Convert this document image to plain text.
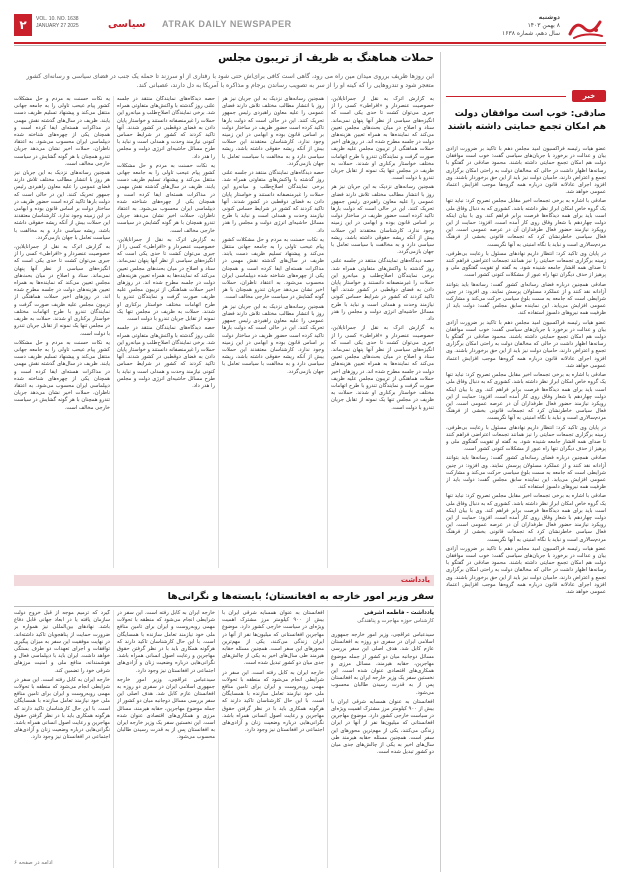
۲	VOL. 10. NO. 1638
JANUARY 27 2025	سیاسی ATRAK DAILY NEWSPAPER
دوشنبه
۸ بهمن ۱۴۰۳
سال دهم، شماره ۱۶۳۸
حملات هماهنگ به ظریف از تریبون مجلس
این روزها ظریف برروی میدان مین راه می رود، گاهی است کافی برای‌اش حتی شود با رفتاری از او سرزند تا حمله یک جنب در فضای سیاسی و رسانه‌ای کشور متعجر شود و تندروهایی را که کینه او را از سر به تصویب رساندن برجام و مذاکره با آمریکا به دل دارند، عصبانی کند.

به گزارش اترک به نقل از جمرانایلاین، خصوصیت عنصردار و «افراطی» کسی را از جبری می‌توان کشت تا حدی یکی است که انگیزه‌های سیاسی از نظر آنها پنهان نمی‌ماند. سناد و اصلاح در میان بحث‌های مجلس تعیین می‌کند که نماینده‌ها به همراه تعیین هزینه‌های دولت در جلسه مطرح شده اند. در روزهای اخیر حملات هماهنگی از تریبون مجلس علیه ظریف صورت گرفت و نمایندگان تندرو با طرح اتهامات مختلف خواستار برکناری او شدند. حملات به ظریف در مجلس تنها یک نمونه از تقابل جریان تندرو با دولت است.

همچنین رسانه‌های نزدیک به این جریان نیز هر روز با انتشار مطالب مختلف تلاش دارند فضای عمومی را علیه معاون راهبردی رئیس جمهور تحریک کنند. این در حالی است که دولت بارها تاکید کرده است حضور ظریف در ساختار دولت بر اساس قانون بوده و ابهامی در این زمینه وجود ندارد. کارشناسان معتقدند این حملات بیش از آنکه ریشه حقوقی داشته باشد، ریشه سیاسی دارد و به مخالفت با سیاست تعامل با جهان بازمی‌گردد.

حصه دیدگاه‌های نمایندگان منتقد در جلسه علنی روز گذشته با واکنش‌های متفاوتی همراه شد. برخی نمایندگان اصلاح‌طلب و میانه‌رو این حملات را غیرمنصفانه دانستند و خواستار پایان دادن به فضای دوقطبی در کشور شدند. آنها تاکید کردند که کشور در شرایط حساس کنونی نیازمند وحدت و همدلی است و نباید با طرح مسائل حاشیه‌ای انرژی دولت و مجلس را هدر داد.

به گزارش اترک به نقل از جمرانایلاین، خصوصیت عنصردار و «افراطی» کسی را از جبری می‌توان کشت تا حدی یکی است که انگیزه‌های سیاسی از نظر آنها پنهان نمی‌ماند. سناد و اصلاح در میان بحث‌های مجلس تعیین می‌کند که نماینده‌ها به همراه تعیین هزینه‌های دولت در جلسه مطرح شده اند. در روزهای اخیر حملات هماهنگی از تریبون مجلس علیه ظریف صورت گرفت و نمایندگان تندرو با طرح اتهامات مختلف خواستار برکناری او شدند. حملات به ظریف در مجلس تنها یک نمونه از تقابل جریان تندرو با دولت است.

همچنین رسانه‌های نزدیک به این جریان نیز هر روز با انتشار مطالب مختلف تلاش دارند فضای عمومی را علیه معاون راهبردی رئیس جمهور تحریک کنند. این در حالی است که دولت بارها تاکید کرده است حضور ظریف در ساختار دولت بر اساس قانون بوده و ابهامی در این زمینه وجود ندارد. کارشناسان معتقدند این حملات بیش از آنکه ریشه حقوقی داشته باشد، ریشه سیاسی دارد و به مخالفت با سیاست تعامل با جهان بازمی‌گردد.

حصه دیدگاه‌های نمایندگان منتقد در جلسه علنی روز گذشته با واکنش‌های متفاوتی همراه شد. برخی نمایندگان اصلاح‌طلب و میانه‌رو این حملات را غیرمنصفانه دانستند و خواستار پایان دادن به فضای دوقطبی در کشور شدند. آنها تاکید کردند که کشور در شرایط حساس کنونی نیازمند وحدت و همدلی است و نباید با طرح مسائل حاشیه‌ای انرژی دولت و مجلس را هدر داد.

یه نکات حسنت به مردم و حل مشکلات کشور پیام عیحب تاولی را به جامعه جهانی منتقل می‌کند و پیشنهاد تسلیم ظریف دست یابند. ظریف در سال‌های گذشته نقش مهمی در مذاکرات هسته‌ای ایفا کرده است و همچنان یکی از چهره‌های شناخته شده دیپلماسی ایران محسوب می‌شود. به اعتقاد ناظران، حملات اخیر نشان می‌دهد جریان تندرو همچنان با هر گونه گشایش در سیاست خارجی مخالف است.

همچنین رسانه‌های نزدیک به این جریان نیز هر روز با انتشار مطالب مختلف تلاش دارند فضای عمومی را علیه معاون راهبردی رئیس جمهور تحریک کنند. این در حالی است که دولت بارها تاکید کرده است حضور ظریف در ساختار دولت بر اساس قانون بوده و ابهامی در این زمینه وجود ندارد. کارشناسان معتقدند این حملات بیش از آنکه ریشه حقوقی داشته باشد، ریشه سیاسی دارد و به مخالفت با سیاست تعامل با جهان بازمی‌گردد.

حصه دیدگاه‌های نمایندگان منتقد در جلسه علنی روز گذشته با واکنش‌های متفاوتی همراه شد. برخی نمایندگان اصلاح‌طلب و میانه‌رو این حملات را غیرمنصفانه دانستند و خواستار پایان دادن به فضای دوقطبی در کشور شدند. آنها تاکید کردند که کشور در شرایط حساس کنونی نیازمند وحدت و همدلی است و نباید با طرح مسائل حاشیه‌ای انرژی دولت و مجلس را هدر داد.

یه نکات حسنت به مردم و حل مشکلات کشور پیام عیحب تاولی را به جامعه جهانی منتقل می‌کند و پیشنهاد تسلیم ظریف دست یابند. ظریف در سال‌های گذشته نقش مهمی در مذاکرات هسته‌ای ایفا کرده است و همچنان یکی از چهره‌های شناخته شده دیپلماسی ایران محسوب می‌شود. به اعتقاد ناظران، حملات اخیر نشان می‌دهد جریان تندرو همچنان با هر گونه گشایش در سیاست خارجی مخالف است.

به گزارش اترک به نقل از جمرانایلاین، خصوصیت عنصردار و «افراطی» کسی را از جبری می‌توان کشت تا حدی یکی است که انگیزه‌های سیاسی از نظر آنها پنهان نمی‌ماند. سناد و اصلاح در میان بحث‌های مجلس تعیین می‌کند که نماینده‌ها به همراه تعیین هزینه‌های دولت در جلسه مطرح شده اند. در روزهای اخیر حملات هماهنگی از تریبون مجلس علیه ظریف صورت گرفت و نمایندگان تندرو با طرح اتهامات مختلف خواستار برکناری او شدند. حملات به ظریف در مجلس تنها یک نمونه از تقابل جریان تندرو با دولت است.

حصه دیدگاه‌های نمایندگان منتقد در جلسه علنی روز گذشته با واکنش‌های متفاوتی همراه شد. برخی نمایندگان اصلاح‌طلب و میانه‌رو این حملات را غیرمنصفانه دانستند و خواستار پایان دادن به فضای دوقطبی در کشور شدند. آنها تاکید کردند که کشور در شرایط حساس کنونی نیازمند وحدت و همدلی است و نباید با طرح مسائل حاشیه‌ای انرژی دولت و مجلس را هدر داد.

یه نکات حسنت به مردم و حل مشکلات کشور پیام عیحب تاولی را به جامعه جهانی منتقل می‌کند و پیشنهاد تسلیم ظریف دست یابند. ظریف در سال‌های گذشته نقش مهمی در مذاکرات هسته‌ای ایفا کرده است و همچنان یکی از چهره‌های شناخته شده دیپلماسی ایران محسوب می‌شود. به اعتقاد ناظران، حملات اخیر نشان می‌دهد جریان تندرو همچنان با هر گونه گشایش در سیاست خارجی مخالف است.

همچنین رسانه‌های نزدیک به این جریان نیز هر روز با انتشار مطالب مختلف تلاش دارند فضای عمومی را علیه معاون راهبردی رئیس جمهور تحریک کنند. این در حالی است که دولت بارها تاکید کرده است حضور ظریف در ساختار دولت بر اساس قانون بوده و ابهامی در این زمینه وجود ندارد. کارشناسان معتقدند این حملات بیش از آنکه ریشه حقوقی داشته باشد، ریشه سیاسی دارد و به مخالفت با سیاست تعامل با جهان بازمی‌گردد.

به گزارش اترک به نقل از جمرانایلاین، خصوصیت عنصردار و «افراطی» کسی را از جبری می‌توان کشت تا حدی یکی است که انگیزه‌های سیاسی از نظر آنها پنهان نمی‌ماند. سناد و اصلاح در میان بحث‌های مجلس تعیین می‌کند که نماینده‌ها به همراه تعیین هزینه‌های دولت در جلسه مطرح شده اند. در روزهای اخیر حملات هماهنگی از تریبون مجلس علیه ظریف صورت گرفت و نمایندگان تندرو با طرح اتهامات مختلف خواستار برکناری او شدند. حملات به ظریف در مجلس تنها یک نمونه از تقابل جریان تندرو با دولت است.

یه نکات حسنت به مردم و حل مشکلات کشور پیام عیحب تاولی را به جامعه جهانی منتقل می‌کند و پیشنهاد تسلیم ظریف دست یابند. ظریف در سال‌های گذشته نقش مهمی در مذاکرات هسته‌ای ایفا کرده است و همچنان یکی از چهره‌های شناخته شده دیپلماسی ایران محسوب می‌شود. به اعتقاد ناظران، حملات اخیر نشان می‌دهد جریان تندرو همچنان با هر گونه گشایش در سیاست خارجی مخالف است.

خبر
صادقی: خوب است موافقان دولت هم امکان تجمع حمایتی داشته باشند

عضو هیات رئیسه فراکسیون امید مجلس دهم با تاکید بر ضرورت آزادی بیان و عدالت در برخورد با جریان‌های سیاسی گفت: خوب است موافقان دولت هم امکان تجمع حمایتی داشته باشند. محمود صادقی در گفتگو با رسانه‌ها اظهار داشت در حالی که مخالفان دولت به راحتی امکان برگزاری تجمع و اعتراض دارند، حامیان دولت نیز باید از این حق برخوردار باشند. وی افزود اجرای عادلانه قانون درباره همه گروه‌ها موجب افزایش اعتماد عمومی خواهد شد.

صادقی با اشاره به برخی تجمعات اخیر مقابل مجلس تصریح کرد: نباید تنها یک گروه خاص امکان ابراز نظر داشته باشد. کشوری که به دنبال وفاق ملی است باید برای همه دیدگاه‌ها فرصت برابر فراهم کند. وی با بیان اینکه دولت چهاردهم با شعار وفاق روی کار آمده است، افزود: حمایت از این رویکرد نیازمند حضور فعال طرفداران آن در عرصه عمومی است. این فعال سیاسی خاطرنشان کرد که تجمعات قانونی بخشی از فرهنگ مردم‌سالاری است و نباید با نگاه امنیتی به آنها نگریست.

در پایان وی تاکید کرد: انتظار داریم نهادهای مسئول با رعایت بی‌طرفی، زمینه برگزاری تجمعات حمایتی را نیز همانند تجمعات اعتراضی فراهم کنند تا صدای همه اقشار جامعه شنیده شود. به گفته او تقویت گفتگوی ملی و پرهیز از حذف دیگران تنها راه عبور از مشکلات کنونی کشور است.

صادقی همچنین درباره فضای رسانه‌ای کشور گفت: رسانه‌ها باید بتوانند آزادانه نقد کنند و از عملکرد مسئولان پرسش نمایند. وی افزود: در چنین شرایطی است که جامعه به سمت بلوغ سیاسی حرکت می‌کند و مشارکت عمومی افزایش می‌یابد. این نماینده سابق مجلس گفت: دولت باید از ظرفیت همه نیروهای دلسوز استفاده کند.

عضو هیات رئیسه فراکسیون امید مجلس دهم با تاکید بر ضرورت آزادی بیان و عدالت در برخورد با جریان‌های سیاسی گفت: خوب است موافقان دولت هم امکان تجمع حمایتی داشته باشند. محمود صادقی در گفتگو با رسانه‌ها اظهار داشت در حالی که مخالفان دولت به راحتی امکان برگزاری تجمع و اعتراض دارند، حامیان دولت نیز باید از این حق برخوردار باشند. وی افزود اجرای عادلانه قانون درباره همه گروه‌ها موجب افزایش اعتماد عمومی خواهد شد.

صادقی با اشاره به برخی تجمعات اخیر مقابل مجلس تصریح کرد: نباید تنها یک گروه خاص امکان ابراز نظر داشته باشد. کشوری که به دنبال وفاق ملی است باید برای همه دیدگاه‌ها فرصت برابر فراهم کند. وی با بیان اینکه دولت چهاردهم با شعار وفاق روی کار آمده است، افزود: حمایت از این رویکرد نیازمند حضور فعال طرفداران آن در عرصه عمومی است. این فعال سیاسی خاطرنشان کرد که تجمعات قانونی بخشی از فرهنگ مردم‌سالاری است و نباید با نگاه امنیتی به آنها نگریست.

در پایان وی تاکید کرد: انتظار داریم نهادهای مسئول با رعایت بی‌طرفی، زمینه برگزاری تجمعات حمایتی را نیز همانند تجمعات اعتراضی فراهم کنند تا صدای همه اقشار جامعه شنیده شود. به گفته او تقویت گفتگوی ملی و پرهیز از حذف دیگران تنها راه عبور از مشکلات کنونی کشور است.

صادقی همچنین درباره فضای رسانه‌ای کشور گفت: رسانه‌ها باید بتوانند آزادانه نقد کنند و از عملکرد مسئولان پرسش نمایند. وی افزود: در چنین شرایطی است که جامعه به سمت بلوغ سیاسی حرکت می‌کند و مشارکت عمومی افزایش می‌یابد. این نماینده سابق مجلس گفت: دولت باید از ظرفیت همه نیروهای دلسوز استفاده کند.

صادقی با اشاره به برخی تجمعات اخیر مقابل مجلس تصریح کرد: نباید تنها یک گروه خاص امکان ابراز نظر داشته باشد. کشوری که به دنبال وفاق ملی است باید برای همه دیدگاه‌ها فرصت برابر فراهم کند. وی با بیان اینکه دولت چهاردهم با شعار وفاق روی کار آمده است، افزود: حمایت از این رویکرد نیازمند حضور فعال طرفداران آن در عرصه عمومی است. این فعال سیاسی خاطرنشان کرد که تجمعات قانونی بخشی از فرهنگ مردم‌سالاری است و نباید با نگاه امنیتی به آنها نگریست.

عضو هیات رئیسه فراکسیون امید مجلس دهم با تاکید بر ضرورت آزادی بیان و عدالت در برخورد با جریان‌های سیاسی گفت: خوب است موافقان دولت هم امکان تجمع حمایتی داشته باشند. محمود صادقی در گفتگو با رسانه‌ها اظهار داشت در حالی که مخالفان دولت به راحتی امکان برگزاری تجمع و اعتراض دارند، حامیان دولت نیز باید از این حق برخوردار باشند. وی افزود اجرای عادلانه قانون درباره همه گروه‌ها موجب افزایش اعتماد عمومی خواهد شد.

یادداشت
سفر وزیر امور خارجه به افغانستان؛ بایسته‌ها و نگرانی‌ها
یادداشت - فاطمه اشرفی
کارشناس حوزه مهاجرت و پناهندگی

سیدعباس عراقچی، وزیر امور خارجه جمهوری اسلامی ایران در سفری دو روزه به افغانستان عازم کابل شد. هدف اصلی این سفر بررسی مسائل دوجانبه میان دو کشور از جمله موضوع مهاجرین، حقابه هیرمند، مسائل مرزی و همکاری‌های اقتصادی عنوان شده است. این نخستین سفر یک وزیر خارجه ایران به افغانستان پس از به قدرت رسیدن طالبان محسوب می‌شود.

افغانستان به عنوان همسایه شرقی ایران با بیش از ۹۰۰ کیلومتر مرز مشترک اهمیت ویژه‌ای در سیاست خارجی کشور دارد. موضوع مهاجرین افغانستانی که میلیون‌ها نفر از آنها در ایران زندگی می‌کنند، یکی از مهم‌ترین محورهای این سفر است. همچنین مسئله حقابه هیرمند طی سال‌های اخیر به یکی از چالش‌های جدی میان دو کشور تبدیل شده است.

افغانستان به عنوان همسایه شرقی ایران با بیش از ۹۰۰ کیلومتر مرز مشترک اهمیت ویژه‌ای در سیاست خارجی کشور دارد. موضوع مهاجرین افغانستانی که میلیون‌ها نفر از آنها در ایران زندگی می‌کنند، یکی از مهم‌ترین محورهای این سفر است. همچنین مسئله حقابه هیرمند طی سال‌های اخیر به یکی از چالش‌های جدی میان دو کشور تبدیل شده است.

خارجه ایران به کابل رفته است. این سفر در شرایطی انجام می‌شود که منطقه با تحولات مهمی روبه‌روست و ایران برای تامین منافع ملی خود نیازمند تعامل سازنده با همسایگان است. با این حال کارشناسان تاکید دارند که هرگونه همکاری باید با در نظر گرفتن حقوق مهاجرین و رعایت اصول انسانی همراه باشد. نگرانی‌هایی درباره وضعیت زنان و آزادی‌های اجتماعی در افغانستان نیز وجود دارد.

خارجه ایران به کابل رفته است. این سفر در شرایطی انجام می‌شود که منطقه با تحولات مهمی روبه‌روست و ایران برای تامین منافع ملی خود نیازمند تعامل سازنده با همسایگان است. با این حال کارشناسان تاکید دارند که هرگونه همکاری باید با در نظر گرفتن حقوق مهاجرین و رعایت اصول انسانی همراه باشد. نگرانی‌هایی درباره وضعیت زنان و آزادی‌های اجتماعی در افغانستان نیز وجود دارد.

سیدعباس عراقچی، وزیر امور خارجه جمهوری اسلامی ایران در سفری دو روزه به افغانستان عازم کابل شد. هدف اصلی این سفر بررسی مسائل دوجانبه میان دو کشور از جمله موضوع مهاجرین، حقابه هیرمند، مسائل مرزی و همکاری‌های اقتصادی عنوان شده است. این نخستین سفر یک وزیر خارجه ایران به افغانستان پس از به قدرت رسیدن طالبان محسوب می‌شود.

گیرد که ترمیم موجه از قبل خروج دولت سازمان یافته یا در ابعاد جهانی قابل دفاع باشد. نهادهای بین‌المللی نیز همواره بر ضرورت حمایت از پناهجویان تاکید داشته‌اند. در نهایت موفقیت این سفر به میزان پیگیری توافقات و اجرای تعهدات دو طرف بستگی خواهد داشت. ایران باید با دیپلماسی فعال و هوشمندانه، منافع ملی و امنیت مرزهای شرقی خود را تضمین کند.

خارجه ایران به کابل رفته است. این سفر در شرایطی انجام می‌شود که منطقه با تحولات مهمی روبه‌روست و ایران برای تامین منافع ملی خود نیازمند تعامل سازنده با همسایگان است. با این حال کارشناسان تاکید دارند که هرگونه همکاری باید با در نظر گرفتن حقوق مهاجرین و رعایت اصول انسانی همراه باشد. نگرانی‌هایی درباره وضعیت زنان و آزادی‌های اجتماعی در افغانستان نیز وجود دارد.

ادامه در صفحه ۶
